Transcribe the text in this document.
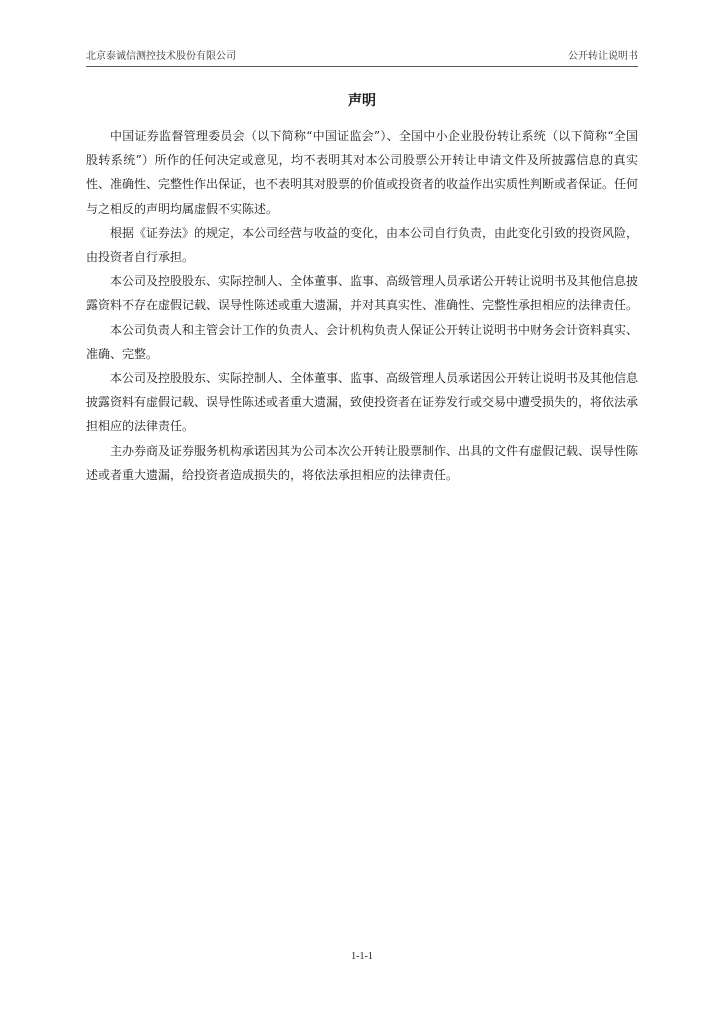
北京泰诚信测控技术股份有限公司	公开转让说明书
声明

中国证券监督管理委员会（以下简称“中国证监会”）、全国中小企业股份转让系统（以下简称“全国股转系统”）所作的任何决定或意见，均不表明其对本公司股票公开转让申请文件及所披露信息的真实性、准确性、完整性作出保证，也不表明其对股票的价值或投资者的收益作出实质性判断或者保证。任何与之相反的声明均属虚假不实陈述。

根据《证券法》的规定，本公司经营与收益的变化，由本公司自行负责，由此变化引致的投资风险，由投资者自行承担。

本公司及控股股东、实际控制人、全体董事、监事、高级管理人员承诺公开转让说明书及其他信息披露资料不存在虚假记载、误导性陈述或重大遗漏，并对其真实性、准确性、完整性承担相应的法律责任。

本公司负责人和主管会计工作的负责人、会计机构负责人保证公开转让说明书中财务会计资料真实、准确、完整。

本公司及控股股东、实际控制人、全体董事、监事、高级管理人员承诺因公开转让说明书及其他信息披露资料有虚假记载、误导性陈述或者重大遗漏，致使投资者在证券发行或交易中遭受损失的，将依法承担相应的法律责任。

主办券商及证券服务机构承诺因其为公司本次公开转让股票制作、出具的文件有虚假记载、误导性陈述或者重大遗漏，给投资者造成损失的，将依法承担相应的法律责任。

1-1-1
